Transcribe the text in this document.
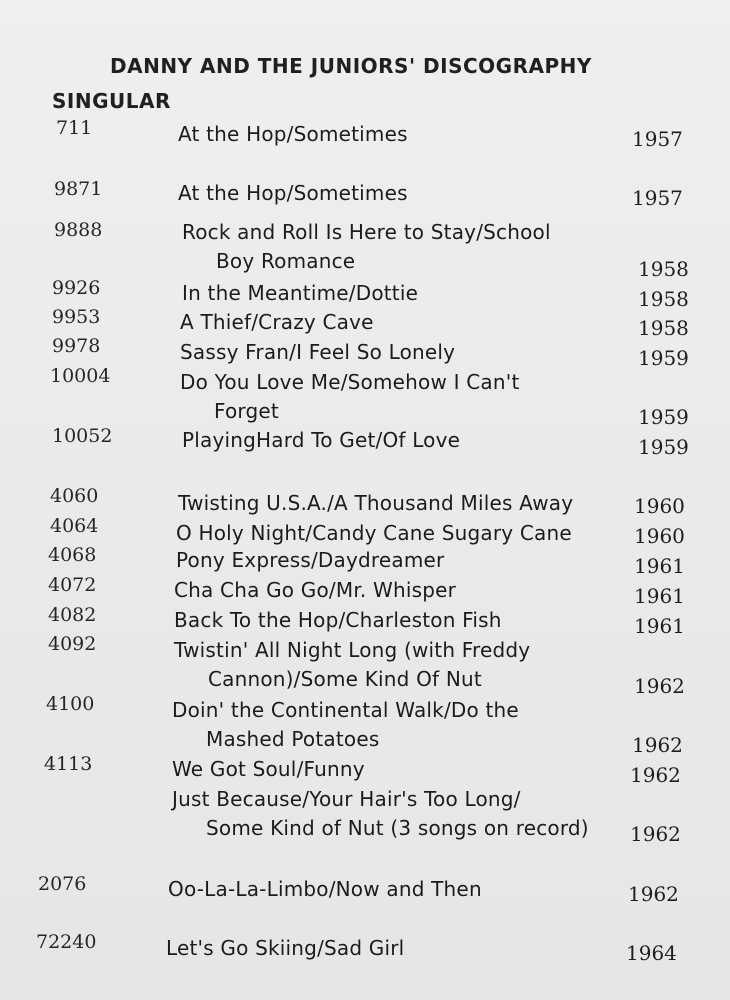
DANNY AND THE JUNIORS' DISCOGRAPHY
SINGULAR
711	At the Hop/Sometimes	1957
9871	At the Hop/Sometimes	1957
9888	Rock and Roll Is Here to Stay/School
Boy Romance	1958
9926	In the Meantime/Dottie	1958
9953	A Thief/Crazy Cave	1958
9978	Sassy Fran/I Feel So Lonely	1959
10004	Do You Love Me/Somehow I Can't
Forget	1959
10052	PlayingHard To Get/Of Love	1959
4060	Twisting U.S.A./A Thousand Miles Away	1960
4064	O Holy Night/Candy Cane Sugary Cane	1960
4068	Pony Express/Daydreamer	1961
4072	Cha Cha Go Go/Mr. Whisper	1961
4082	Back To the Hop/Charleston Fish	1961
4092	Twistin' All Night Long (with Freddy
Cannon)/Some Kind Of Nut	1962
4100	Doin' the Continental Walk/Do the
Mashed Potatoes	1962
4113	We Got Soul/Funny	1962
Just Because/Your Hair's Too Long/
Some Kind of Nut (3 songs on record) 1962
2076	Oo-La-La-Limbo/Now and Then	1962
72240	Let's Go Skiing/Sad Girl	1964
